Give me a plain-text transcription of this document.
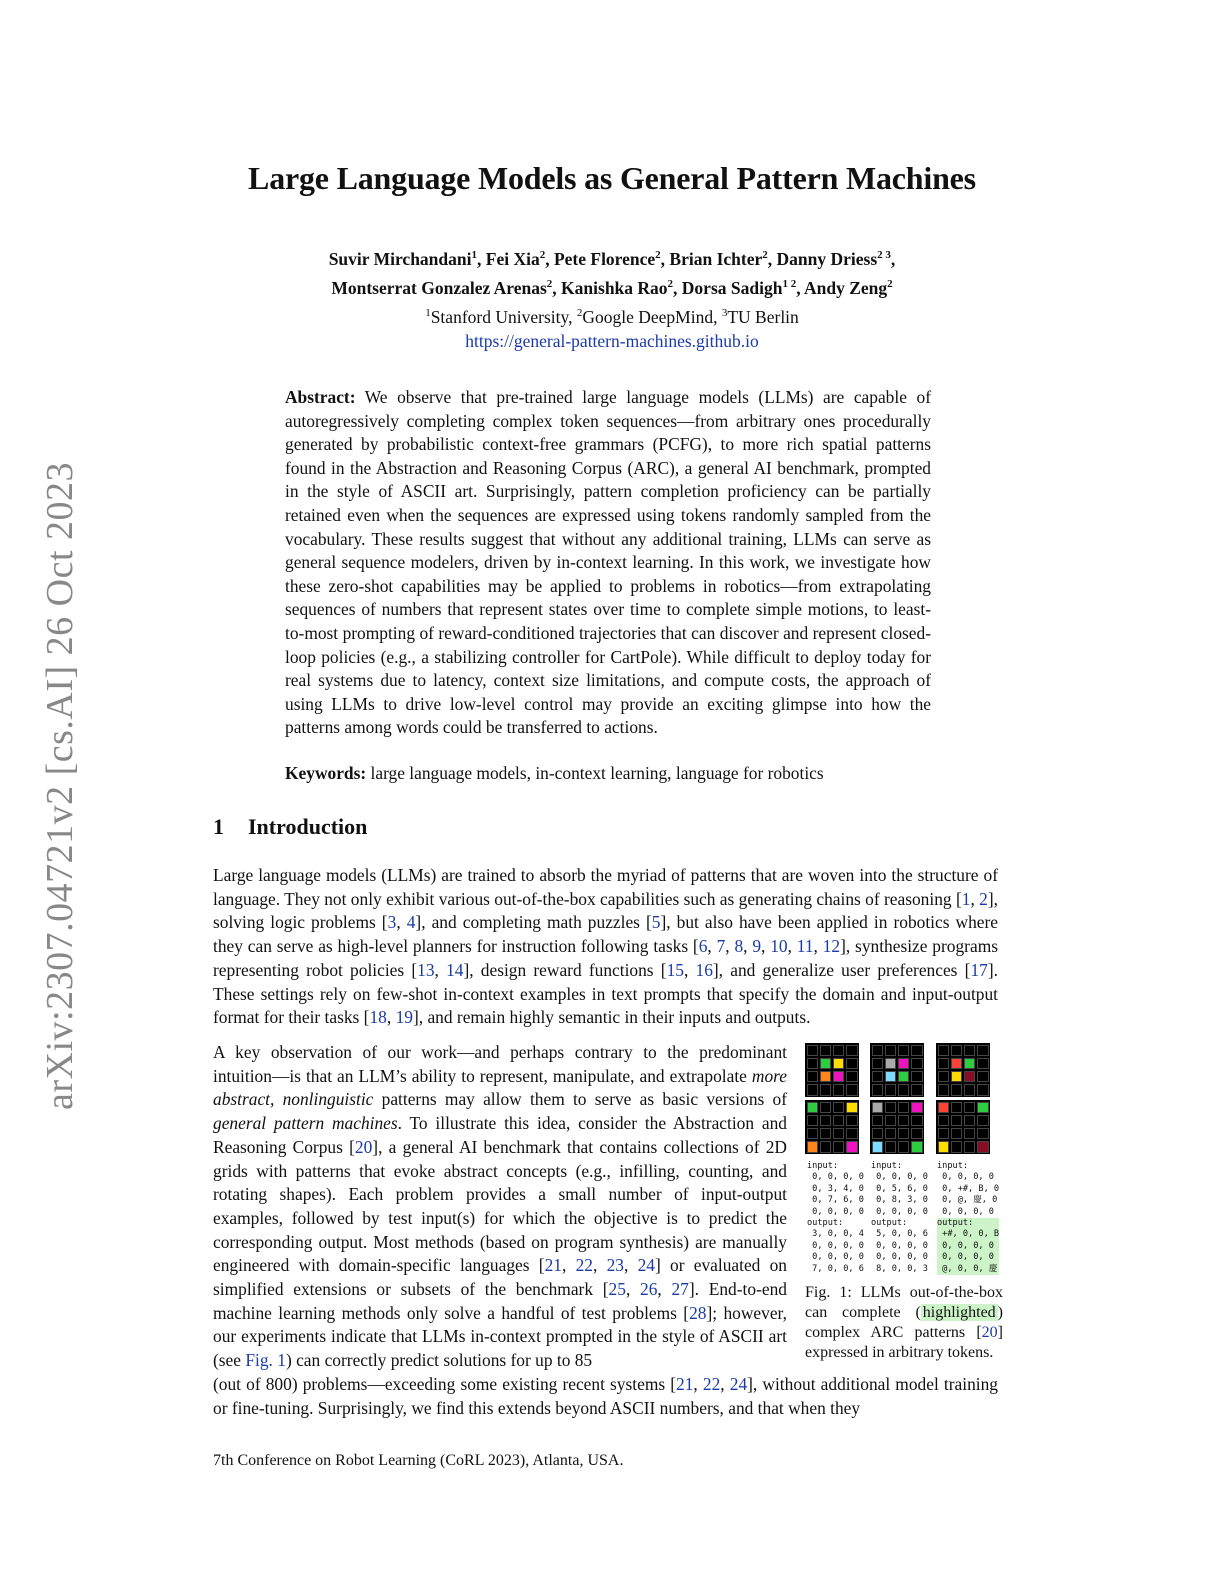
arXiv:2307.04721v2 [cs.AI] 26 Oct 2023
Large Language Models as General Pattern Machines
Suvir Mirchandani$^1$, Fei Xia$^2$, Pete Florence$^2$, Brian Ichter$^2$, Danny Driess$^{2 3}$,
Montserrat Gonzalez Arenas$^2$, Kanishka Rao$^2$, Dorsa Sadigh$^{1 2}$, Andy Zeng$^2$
$^1$Stanford University, $^2$Google DeepMind, $^3$TU Berlin
https://general-pattern-machines.github.io
Abstract: We observe that pre-trained large language models (LLMs) are capable of autoregressively completing complex token sequences—from arbitrary ones procedurally generated by probabilistic context-free grammars (PCFG), to more rich spatial patterns found in the Abstraction and Reasoning Corpus (ARC), a general AI benchmark, prompted in the style of ASCII art. Surprisingly, pattern completion proficiency can be partially retained even when the sequences are expressed using tokens randomly sampled from the vocabulary. These results suggest that without any additional training, LLMs can serve as general sequence modelers, driven by in-context learning. In this work, we investigate how these zero-shot capabilities may be applied to problems in robotics—from extrapolating sequences of numbers that represent states over time to complete simple motions, to least-to-most prompting of reward-conditioned trajectories that can discover and represent closed-loop policies (e.g., a stabilizing controller for CartPole). While difficult to deploy today for real systems due to latency, context size limitations, and compute costs, the approach of using LLMs to drive low-level control may provide an exciting glimpse into how the patterns among words could be transferred to actions.
Keywords: large language models, in-context learning, language for robotics
1 Introduction
Large language models (LLMs) are trained to absorb the myriad of patterns that are woven into the structure of language. They not only exhibit various out-of-the-box capabilities such as generating chains of reasoning [1, 2], solving logic problems [3, 4], and completing math puzzles [5], but also have been applied in robotics where they can serve as high-level planners for instruction following tasks [6, 7, 8, 9, 10, 11, 12], synthesize programs representing robot policies [13, 14], design reward functions [15, 16], and generalize user preferences [17]. These settings rely on few-shot in-context examples in text prompts that specify the domain and input-output format for their tasks [18, 19], and remain highly semantic in their inputs and outputs.
A key observation of our work—and perhaps contrary to the predominant intuition—is that an LLM’s ability to represent, manipulate, and extrapolate more abstract, nonlinguistic patterns may allow them to serve as basic versions of general pattern machines. To illustrate this idea, consider the Abstraction and Reasoning Corpus [20], a general AI benchmark that contains collections of 2D grids with patterns that evoke abstract concepts (e.g., infilling, counting, and rotating shapes). Each problem provides a small number of input-output examples, followed by test input(s) for which the objective is to predict the corresponding output. Most methods (based on program synthesis) are manually engineered with domain-specific languages [21, 22, 23, 24] or evaluated on simplified extensions or subsets of the benchmark [25, 26, 27]. End-to-end machine learning methods only solve a handful of test problems [28]; however, our experiments indicate that LLMs in-context prompted in the style of ASCII art (see Fig. 1) can correctly predict solutions for up to 85
(out of 800) problems—exceeding some existing recent systems [21, 22, 24], without additional model training or fine-tuning. Surprisingly, we find this extends beyond ASCII numbers, and that when they
input:
0, 0, 0, 0
0, 3, 4, 0
0, 7, 6, 0
0, 0, 0, 0
output:
3, 0, 0, 4
0, 0, 0, 0
0, 0, 0, 0
7, 0, 0, 6
input:
0, 0, 0, 0
0, 5, 6, 0
0, 8, 3, 0
0, 0, 0, 0
output:
5, 0, 0, 6
0, 0, 0, 0
0, 0, 0, 0
8, 0, 0, 3
input:
0, 0, 0, 0
0, +#, B, 0
0, @, 慶, 0
0, 0, 0, 0

output:
+#, 0, 0, B
0, 0, 0, 0
0, 0, 0, 0
@, 0, 0, 慶
Fig. 1: LLMs out-of-the-box can complete ( highlighted ) complex ARC patterns [20] expressed in arbitrary tokens.
7th Conference on Robot Learning (CoRL 2023), Atlanta, USA.
